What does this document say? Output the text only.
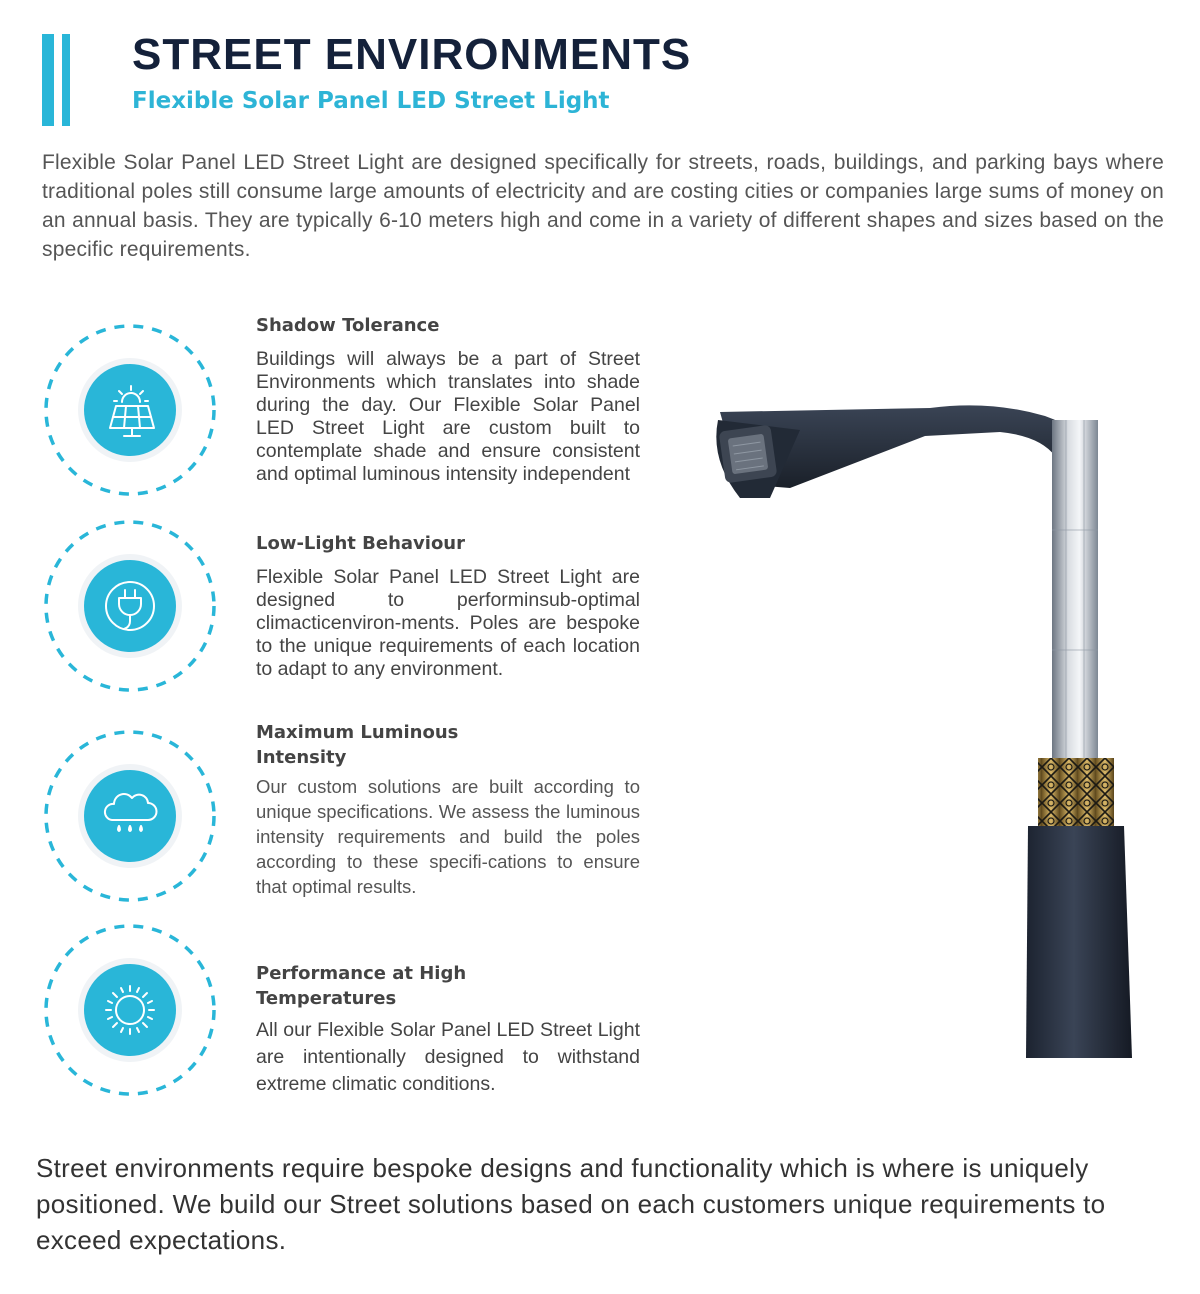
STREET ENVIRONMENTS
Flexible Solar Panel LED Street Light

Flexible Solar Panel LED Street Light are designed specifically for streets, roads, buildings, and parking bays where traditional poles still consume large amounts of electricity and are costing cities or companies large sums of money on an annual basis. They are typically 6-10 meters high and come in a variety of different shapes and sizes based on the specific requirements.

Shadow Tolerance

Buildings will always be a part of Street Environments which translates into shade during the day. Our Flexible Solar Panel LED Street Light are custom built to contemplate shade and ensure consistent and optimal luminous intensity independent

Low-Light Behaviour

Flexible Solar Panel LED Street Light are designed to performinsub-optimal climacticenviron-ments. Poles are bespoke to the unique requirements of each location to adapt to any environment.

Maximum Luminous Intensity

Our custom solutions are built according to unique specifications. We assess the luminous intensity requirements and build the poles according to these specifi-cations to ensure that optimal results.

Performance at High Temperatures

All our Flexible Solar Panel LED Street Light are intentionally designed to withstand extreme climatic conditions.

Street environments require bespoke designs and functionality which is where is uniquely positioned. We build our Street solutions based on each customers unique requirements to exceed expectations.
